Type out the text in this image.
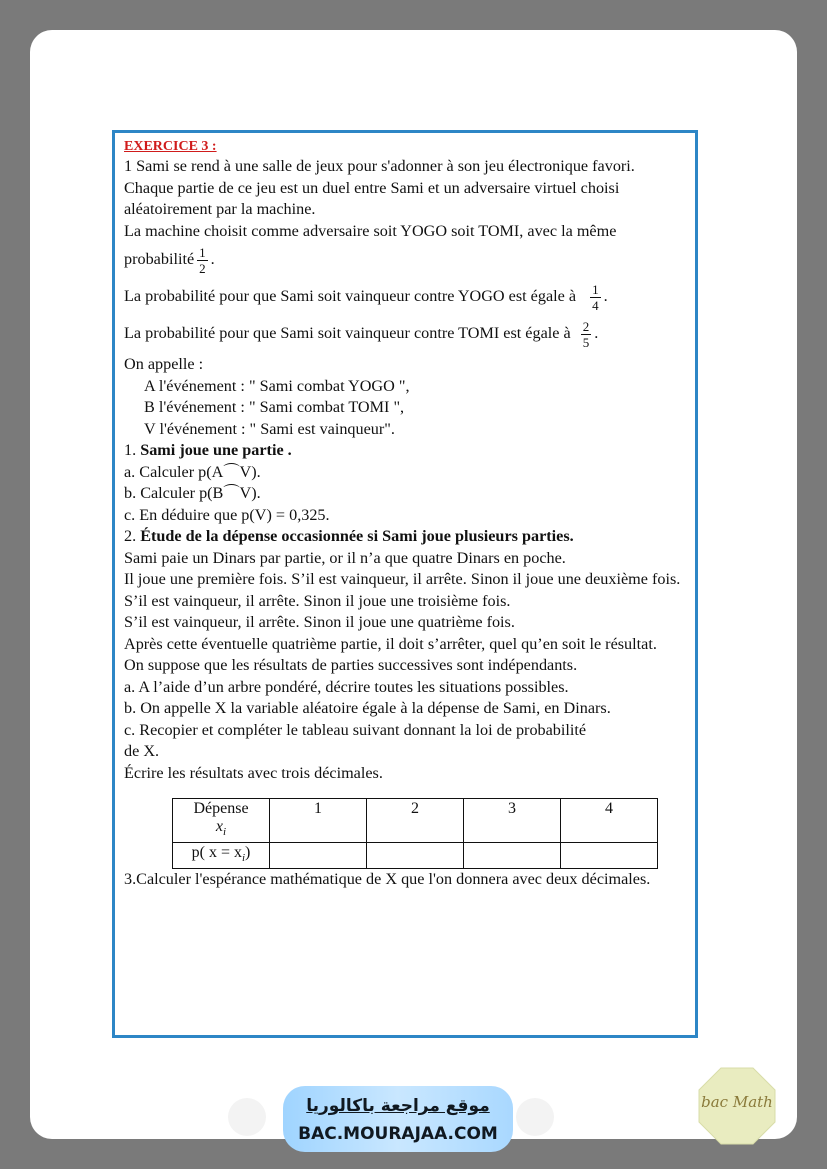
EXERCICE 3 :

1 Sami se rend à une salle de jeux pour s'adonner à son jeu électronique favori.

Chaque partie de ce jeu est un duel entre Sami et un adversaire virtuel choisi aléatoirement par la machine.

La machine choisit comme adversaire soit YOGO soit TOMI, avec la même

probabilité $\frac{1}{2}$ .

La probabilité pour que Sami soit vainqueur contre YOGO est égale à $\frac{1}{4}$ .

La probabilité pour que Sami soit vainqueur contre TOMI est égale à $\frac{2}{5}$ .

On appelle :

A l'événement : " Sami combat YOGO ",

B l'événement : " Sami combat TOMI ",

V l'événement : " Sami est vainqueur".

1. Sami joue une partie .

a. Calculer p(A⌒V).

b. Calculer p(B⌒V).

c. En déduire que p(V) = 0,325.

2. Étude de la dépense occasionnée si Sami joue plusieurs parties.

Sami paie un Dinars par partie, or il n’a que quatre Dinars en poche.

Il joue une première fois. S’il est vainqueur, il arrête. Sinon il joue une deuxième fois.

S’il est vainqueur, il arrête. Sinon il joue une troisième fois.

S’il est vainqueur, il arrête. Sinon il joue une quatrième fois.

Après cette éventuelle quatrième partie, il doit s’arrêter, quel qu’en soit le résultat.

On suppose que les résultats de parties successives sont indépendants.

a. A l’aide d’un arbre pondéré, décrire toutes les situations possibles.

b. On appelle X la variable aléatoire égale à la dépense de Sami, en Dinars.

c. Recopier et compléter le tableau suivant donnant la loi de probabilité

de X.

Écrire les résultats avec trois décimales.

Dépense
$x_i$	1	2	3	4
p( $x = x_i$)				

3.Calculer l'espérance mathématique de X que l'on donnera avec deux décimales.

موقع مراجعة باكالوريا
BAC.MOURAJAA.COM
bac Math
